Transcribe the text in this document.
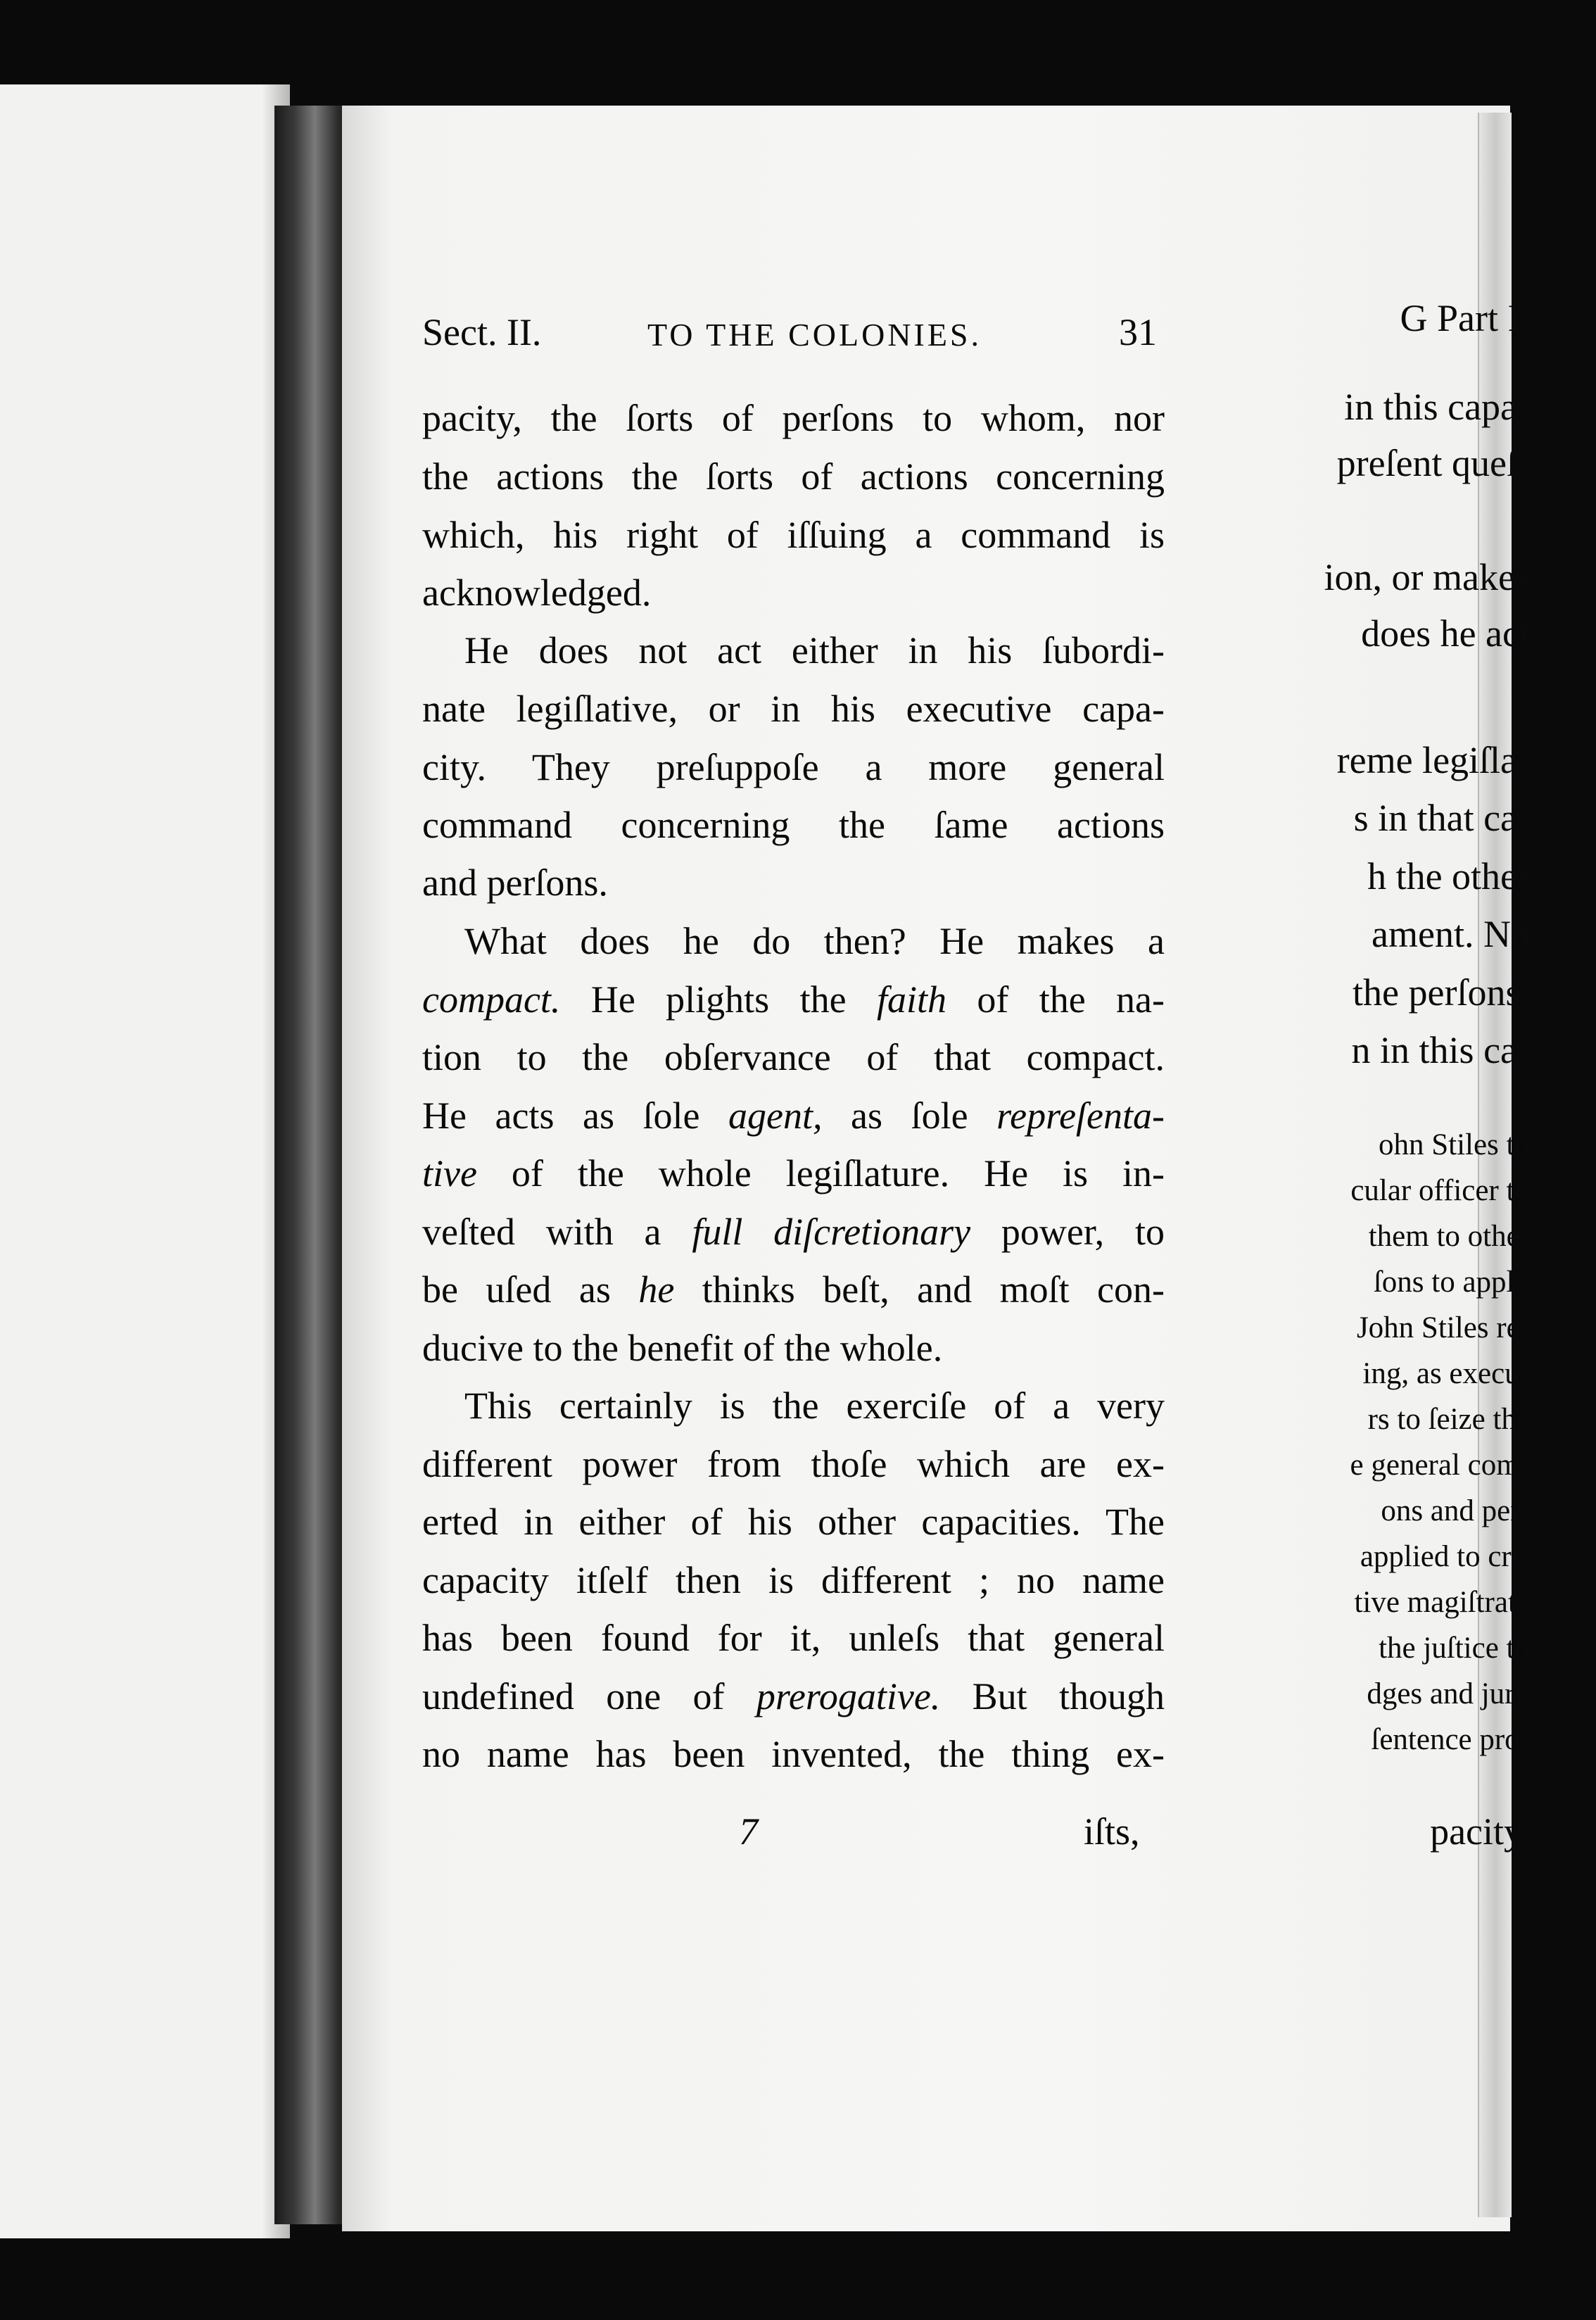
G Part I.
in this capa-
preſent queſ-
ion, or makes
does he act
reme legiſla-
s in that ca-
h the other
ament. No
the perſons,
n in this ca-
ohn Stiles to
cular officer to
them to other
ſons to apply
John Stiles re-
ing, as execu-
rs to ſeize the
e general com-
ons and per-
applied to cri-
tive magiſtrate
the juſtice to
dges and jury
ſentence pro-
pacity,
Sect. II.	TO THE COLONIES.	31
pacity, the ſorts of perſons to whom, nor
the actions the ſorts of actions concerning
which, his right of iſſuing a command is
acknowledged.
He does not act either in his ſubordi-
nate legiſlative, or in his executive capa-
city. They preſuppoſe a more general
command concerning the ſame actions
and perſons.
What does he do then? He makes a
compact. He plights the faith of the na-
tion to the obſervance of that compact.
He acts as ſole agent, as ſole repreſenta-
tive of the whole legiſlature. He is in-
veſted with a full diſcretionary power, to
be uſed as he thinks beſt, and moſt con-
ducive to the benefit of the whole.
This certainly is the exerciſe of a very
different power from thoſe which are ex-
erted in either of his other capacities. The
capacity itſelf then is different ; no name
has been found for it, unleſs that general
undefined one of prerogative. But though
no name has been invented, the thing ex-
7	iſts,
